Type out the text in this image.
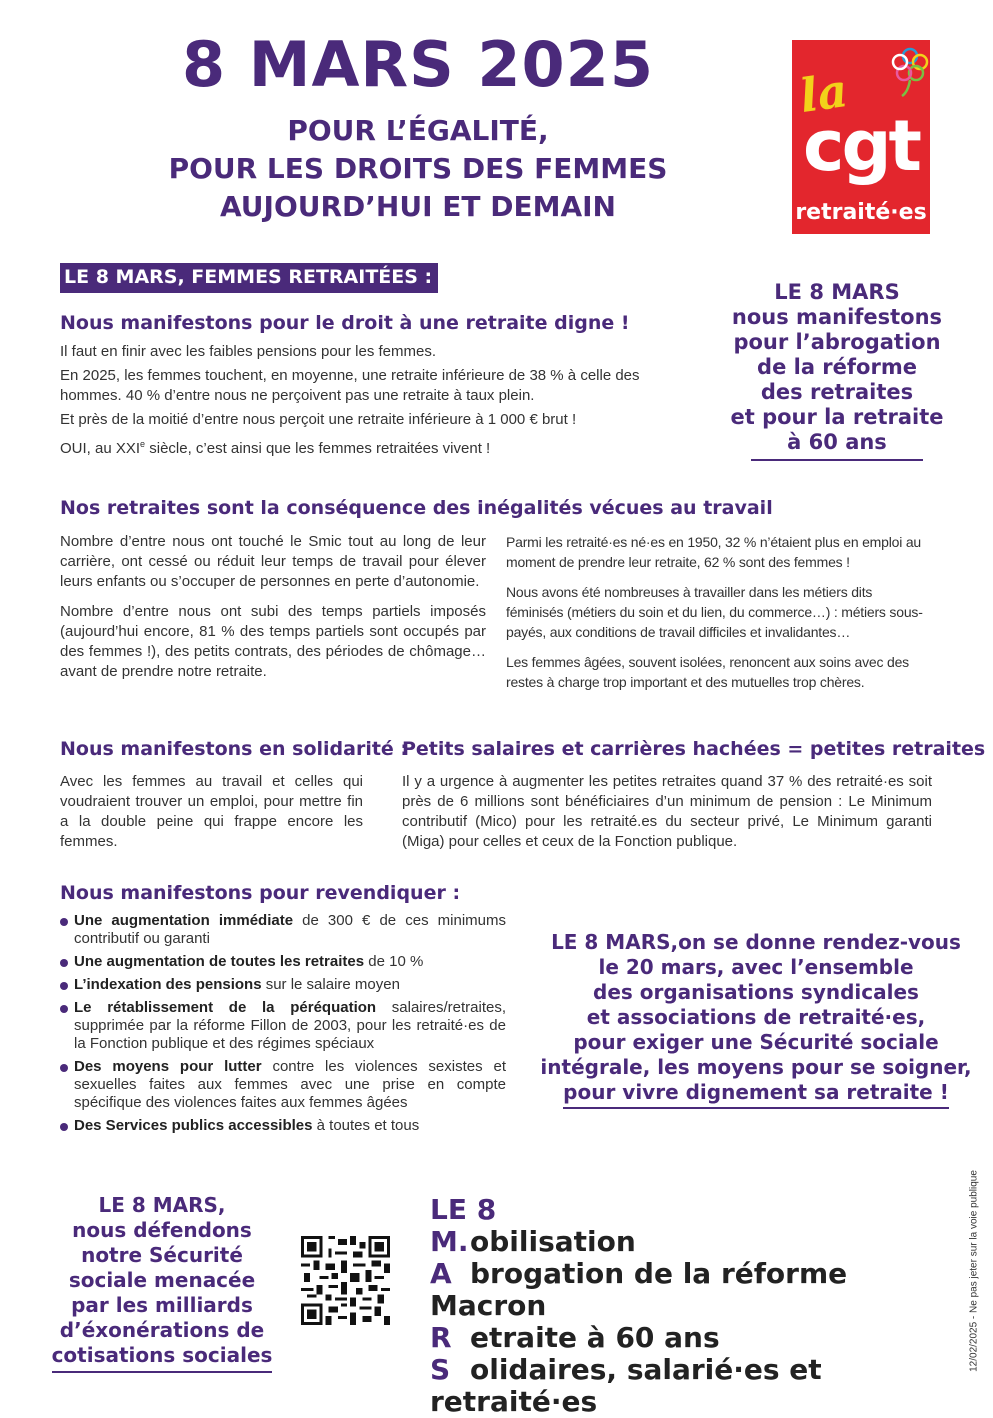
8 MARS 2025
POUR L’ÉGALITÉ,
POUR LES DROITS DES FEMMES
AUJOURD’HUI ET DEMAIN
la
cgt
retraité·es
LE 8 MARS, FEMMES RETRAITÉES :
Nous manifestons pour le droit à une retraite digne !

Il faut en finir avec les faibles pensions pour les femmes.

En 2025, les femmes touchent, en moyenne, une retraite inférieure de 38 % à celle des hommes. 40 % d’entre nous ne perçoivent pas une retraite à taux plein.

Et près de la moitié d’entre nous perçoit une retraite inférieure à 1 000 € brut !

OUI, au XXIe siècle, c’est ainsi que les femmes retraitées vivent !

LE 8 MARS
nous manifestons
pour l’abrogation
de la réforme
des retraites
et pour la retraite
à 60 ans
Nos retraites sont la conséquence des inégalités vécues au travail

Nombre d’entre nous ont touché le Smic tout au long de leur carrière, ont cessé ou réduit leur temps de travail pour élever leurs enfants ou s’occuper de personnes en perte d’autonomie.

Nombre d’entre nous ont subi des temps partiels imposés (aujourd’hui encore, 81 % des temps partiels sont occupés par des femmes !), des petits contrats, des périodes de chômage… avant de prendre notre retraite.

Parmi les retraité·es né·es en 1950, 32 % n’étaient plus en emploi au moment de prendre leur retraite, 62 % sont des femmes !

Nous avons été nombreuses à travailler dans les métiers dits féminisés (métiers du soin et du lien, du commerce…) : métiers sous-payés, aux conditions de travail difficiles et invalidantes…

Les femmes âgées, souvent isolées, renoncent aux soins avec des restes à charge trop important et des mutuelles trop chères.

Nous manifestons en solidarité :
Avec les femmes au travail et celles qui voudraient trouver un emploi, pour mettre fin a la double peine qui frappe encore les femmes.
Petits salaires et carrières hachées = petites retraites
Il y a urgence à augmenter les petites retraites quand 37 % des retraité·es soit près de 6 millions sont bénéficiaires d’un minimum de pension : Le Minimum contributif (Mico) pour les retraité.es du secteur privé, Le Minimum garanti (Miga) pour celles et ceux de la Fonction publique.
Nous manifestons pour revendiquer :
Une augmentation immédiate de 300 € de ces minimums contributif ou garanti
Une augmentation de toutes les retraites de 10 %
L’indexation des pensions sur le salaire moyen
Le rétablissement de la péréquation salaires/retraites, supprimée par la réforme Fillon de 2003, pour les retraité·es de la Fonction publique et des régimes spéciaux
Des moyens pour lutter contre les violences sexistes et sexuelles faites aux femmes avec une prise en compte spécifique des violences faites aux femmes âgées
Des Services publics accessibles à toutes et tous
LE 8 MARS,on se donne rendez-vous
le 20 mars, avec l’ensemble
des organisations syndicales
et associations de retraité·es,
pour exiger une Sécurité sociale
intégrale, les moyens pour se soigner,
pour vivre dignement sa retraite !
LE 8 MARS,
nous défendons
notre Sécurité
sociale menacée
par les milliards
d’éxonérations de
cotisations sociales
LE 8
M.obilisation
A brogation de la réforme Macron
R etraite à 60 ans
S olidaires, salarié·es et retraité·es
12/02/2025 - Ne pas jeter sur la voie publique
